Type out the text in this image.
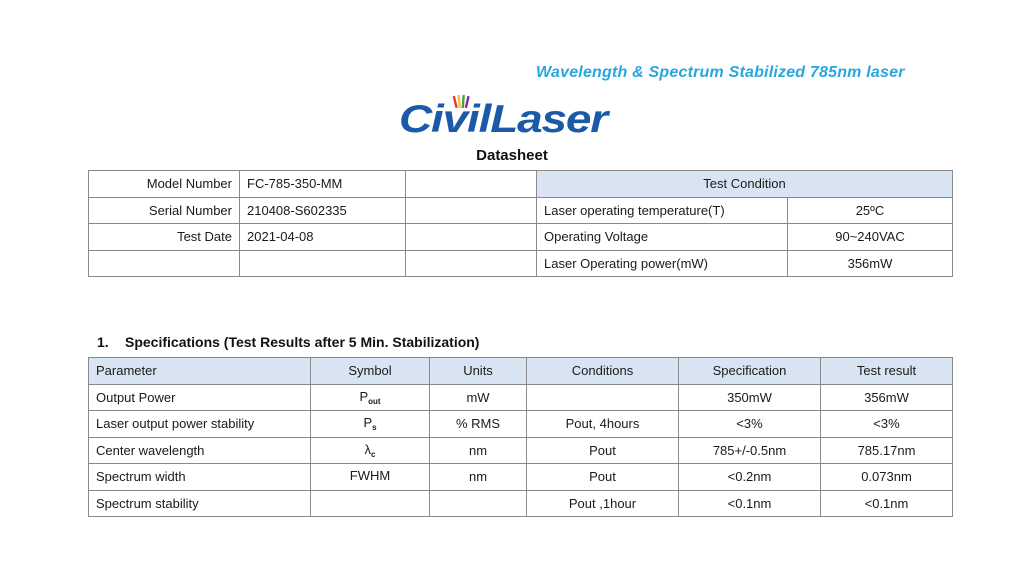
Wavelength & Spectrum Stabilized 785nm laser
CivilLaser
Datasheet
Model Number	FC-785-350-MM		Test Condition	
Serial Number	210408-S602335		Laser operating temperature(T)	25ºC
Test Date	2021-04-08		Operating Voltage	90~240VAC
			Laser Operating power(mW)	356mW
1. Specifications (Test Results after 5 Min. Stabilization)
Parameter	Symbol	Units	Conditions	Specification	Test result
Output Power	$P_{out}$	mW		350mW	356mW
Laser output power stability	$P_s$	% RMS	Pout, 4hours	<3%	<3%
Center wavelength	$\lambda_c$	nm	Pout	785+/-0.5nm	785.17nm
Spectrum width	FWHM	nm	Pout	<0.2nm	0.073nm
Spectrum stability			Pout ,1hour	<0.1nm	<0.1nm
